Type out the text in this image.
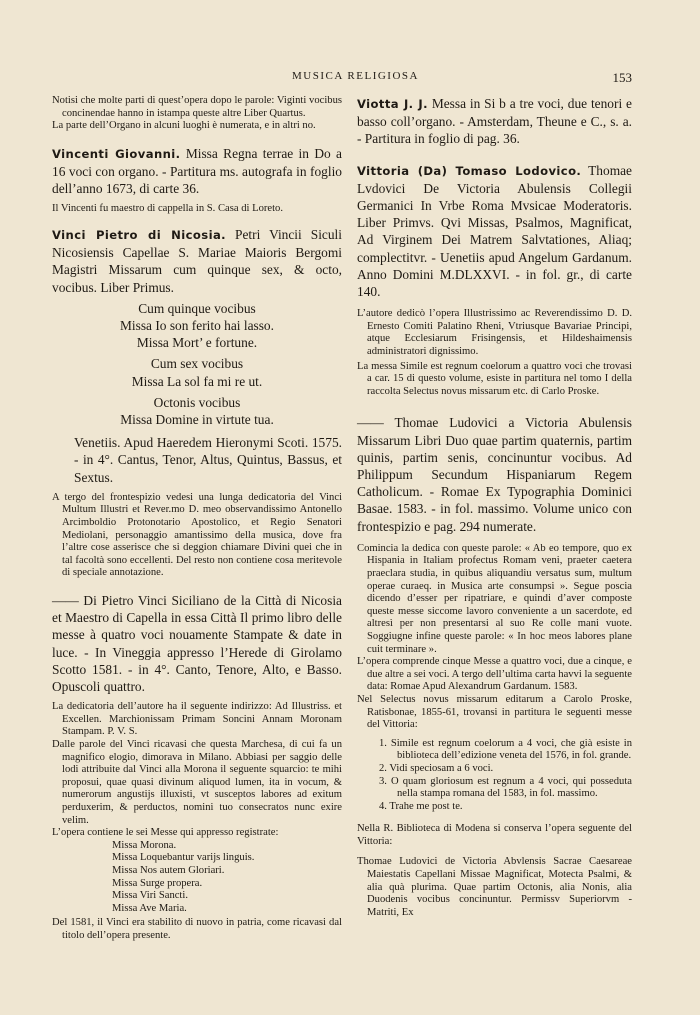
MUSICA RELIGIOSA	153

Notisi che molte parti di quest’opera dopo le parole: Viginti vocibus concinendae hanno in istampa queste altre Liber Quartus.

La parte dell’Organo in alcuni luoghi è numerata, e in altri no.

Vincenti Giovanni. Missa Regna terrae in Do a 16 voci con organo. - Partitura ms. autografa in foglio dell’anno 1673, di carte 36.

Il Vincenti fu maestro di cappella in S. Casa di Loreto.

Vinci Pietro di Nicosia. Petri Vincii Siculi Nicosiensis Capellae S. Mariae Maioris Bergomi Magistri Missarum cum quinque sex, & octo, vocibus. Liber Primus.

Cum quinque vocibus

Missa Io son ferito hai lasso.

Missa Mort’ e fortune.

Cum sex vocibus

Missa La sol fa mi re ut.

Octonis vocibus

Missa Domine in virtute tua.

Venetiis. Apud Haeredem Hieronymi Scoti. 1575. - in 4°. Cantus, Tenor, Altus, Quintus, Bassus, et Sextus.

A tergo del frontespizio vedesi una lunga dedicatoria del Vinci Multum Illustri et Rever.mo D. meo observandissimo Antonello Arcimboldio Protonotario Apostolico, et Regio Senatori Mediolani, personaggio amantissimo della musica, dove fra l’altre cose asserisce che si deggion chiamare Divini quei che in tal facoltà sono eccellenti. Del resto non contiene cosa meritevole di speciale annotazione.

—— Di Pietro Vinci Siciliano de la Città di Nicosia et Maestro di Capella in essa Città Il primo libro delle messe à quatro voci nouamente Stampate & date in luce. - In Vineggia appresso l’Herede di Girolamo Scotto 1581. - in 4°. Canto, Tenore, Alto, e Basso. Opuscoli quattro.

La dedicatoria dell’autore ha il seguente indirizzo: Ad Illustriss. et Excellen. Marchionissam Primam Soncini Annam Moronam Stampam. P. V. S.

Dalle parole del Vinci ricavasi che questa Marchesa, di cui fa un magnifico elogio, dimorava in Milano. Abbiasi per saggio delle lodi attribuite dal Vinci alla Morona il seguente squarcio: te mihi proposui, quae quasi divinum aliquod lumen, ita in vocum, & numerorum angustijs illuxisti, vt susceptos labores ad exitum perduxerim, & perductos, nomini tuo consecratos nunc exire velim.

L’opera contiene le sei Messe qui appresso registrate:

Missa Morona.

Missa Loquebantur varijs linguis.

Missa Nos autem Gloriari.

Missa Surge propera.

Missa Viri Sancti.

Missa Ave Maria.

Del 1581, il Vinci era stabilito di nuovo in patria, come ricavasi dal titolo dell’opera presente.

Viotta J. J. Messa in Si b a tre voci, due tenori e basso coll’organo. - Amsterdam, Theune e C., s. a. - Partitura in foglio di pag. 36.

Vittoria (Da) Tomaso Lodovico. Thomae Lvdovici De Victoria Abulensis Collegii Germanici In Vrbe Roma Mvsicae Moderatoris. Liber Primvs. Qvi Missas, Psalmos, Magnificat, Ad Virginem Dei Matrem Salvtationes, Aliaq; complectitvr. - Uenetiis apud Angelum Gardanum. Anno Domini M.DLXXVI. - in fol. gr., di carte 140.

L’autore dedicò l’opera Illustrissimo ac Reverendissimo D. D. Ernesto Comiti Palatino Rheni, Vtriusque Bavariae Principi, atque Ecclesiarum Frisingensis, et Hildeshaimensis administratori dignissimo.

La messa Simile est regnum coelorum a quattro voci che trovasi a car. 15 di questo volume, esiste in partitura nel tomo I della raccolta Selectus novus missarum etc. di Carlo Proske.

—— Thomae Ludovici a Victoria Abulensis Missarum Libri Duo quae partim quaternis, partim quinis, partim senis, concinuntur vocibus. Ad Philippum Secundum Hispaniarum Regem Catholicum. - Romae Ex Typographia Dominici Basae. 1583. - in fol. massimo. Volume unico con frontespizio e pag. 294 numerate.

Comincia la dedica con queste parole: « Ab eo tempore, quo ex Hispania in Italiam profectus Romam veni, praeter caetera praeclara studia, in quibus aliquandiu versatus sum, multum operae curaeq. in Musica arte consumpsi ». Segue poscia dicendo d’esser per ripatriare, e quindi d’aver composte queste messe siccome lavoro conveniente a un sacerdote, ed altresì per non presentarsi al suo Re colle mani vuote. Soggiugne infine queste parole: « In hoc meos labores plane cuit terminare ».

L’opera comprende cinque Messe a quattro voci, due a cinque, e due altre a sei voci. A tergo dell’ultima carta havvi la seguente data: Romae Apud Alexandrum Gardanum. 1583.

Nel Selectus novus missarum editarum a Carolo Proske, Ratisbonae, 1855-61, trovansi in partitura le seguenti messe del Vittoria:

1. Simile est regnum coelorum a 4 voci, che già esiste in biblioteca dell’edizione veneta del 1576, in fol. grande.

2. Vidi speciosam a 6 voci.

3. O quam gloriosum est regnum a 4 voci, qui posseduta nella stampa romana del 1583, in fol. massimo.

4. Trahe me post te.

Nella R. Biblioteca di Modena si conserva l’opera seguente del Vittoria:

Thomae Ludovici de Victoria Abvlensis Sacrae Caesareae Maiestatis Capellani Missae Magnificat, Motecta Psalmi, & alia quà plurima. Quae partim Octonis, alia Nonis, alia Duodenis vocibus concinuntur. Permissv Superiorvm - Matriti, Ex
